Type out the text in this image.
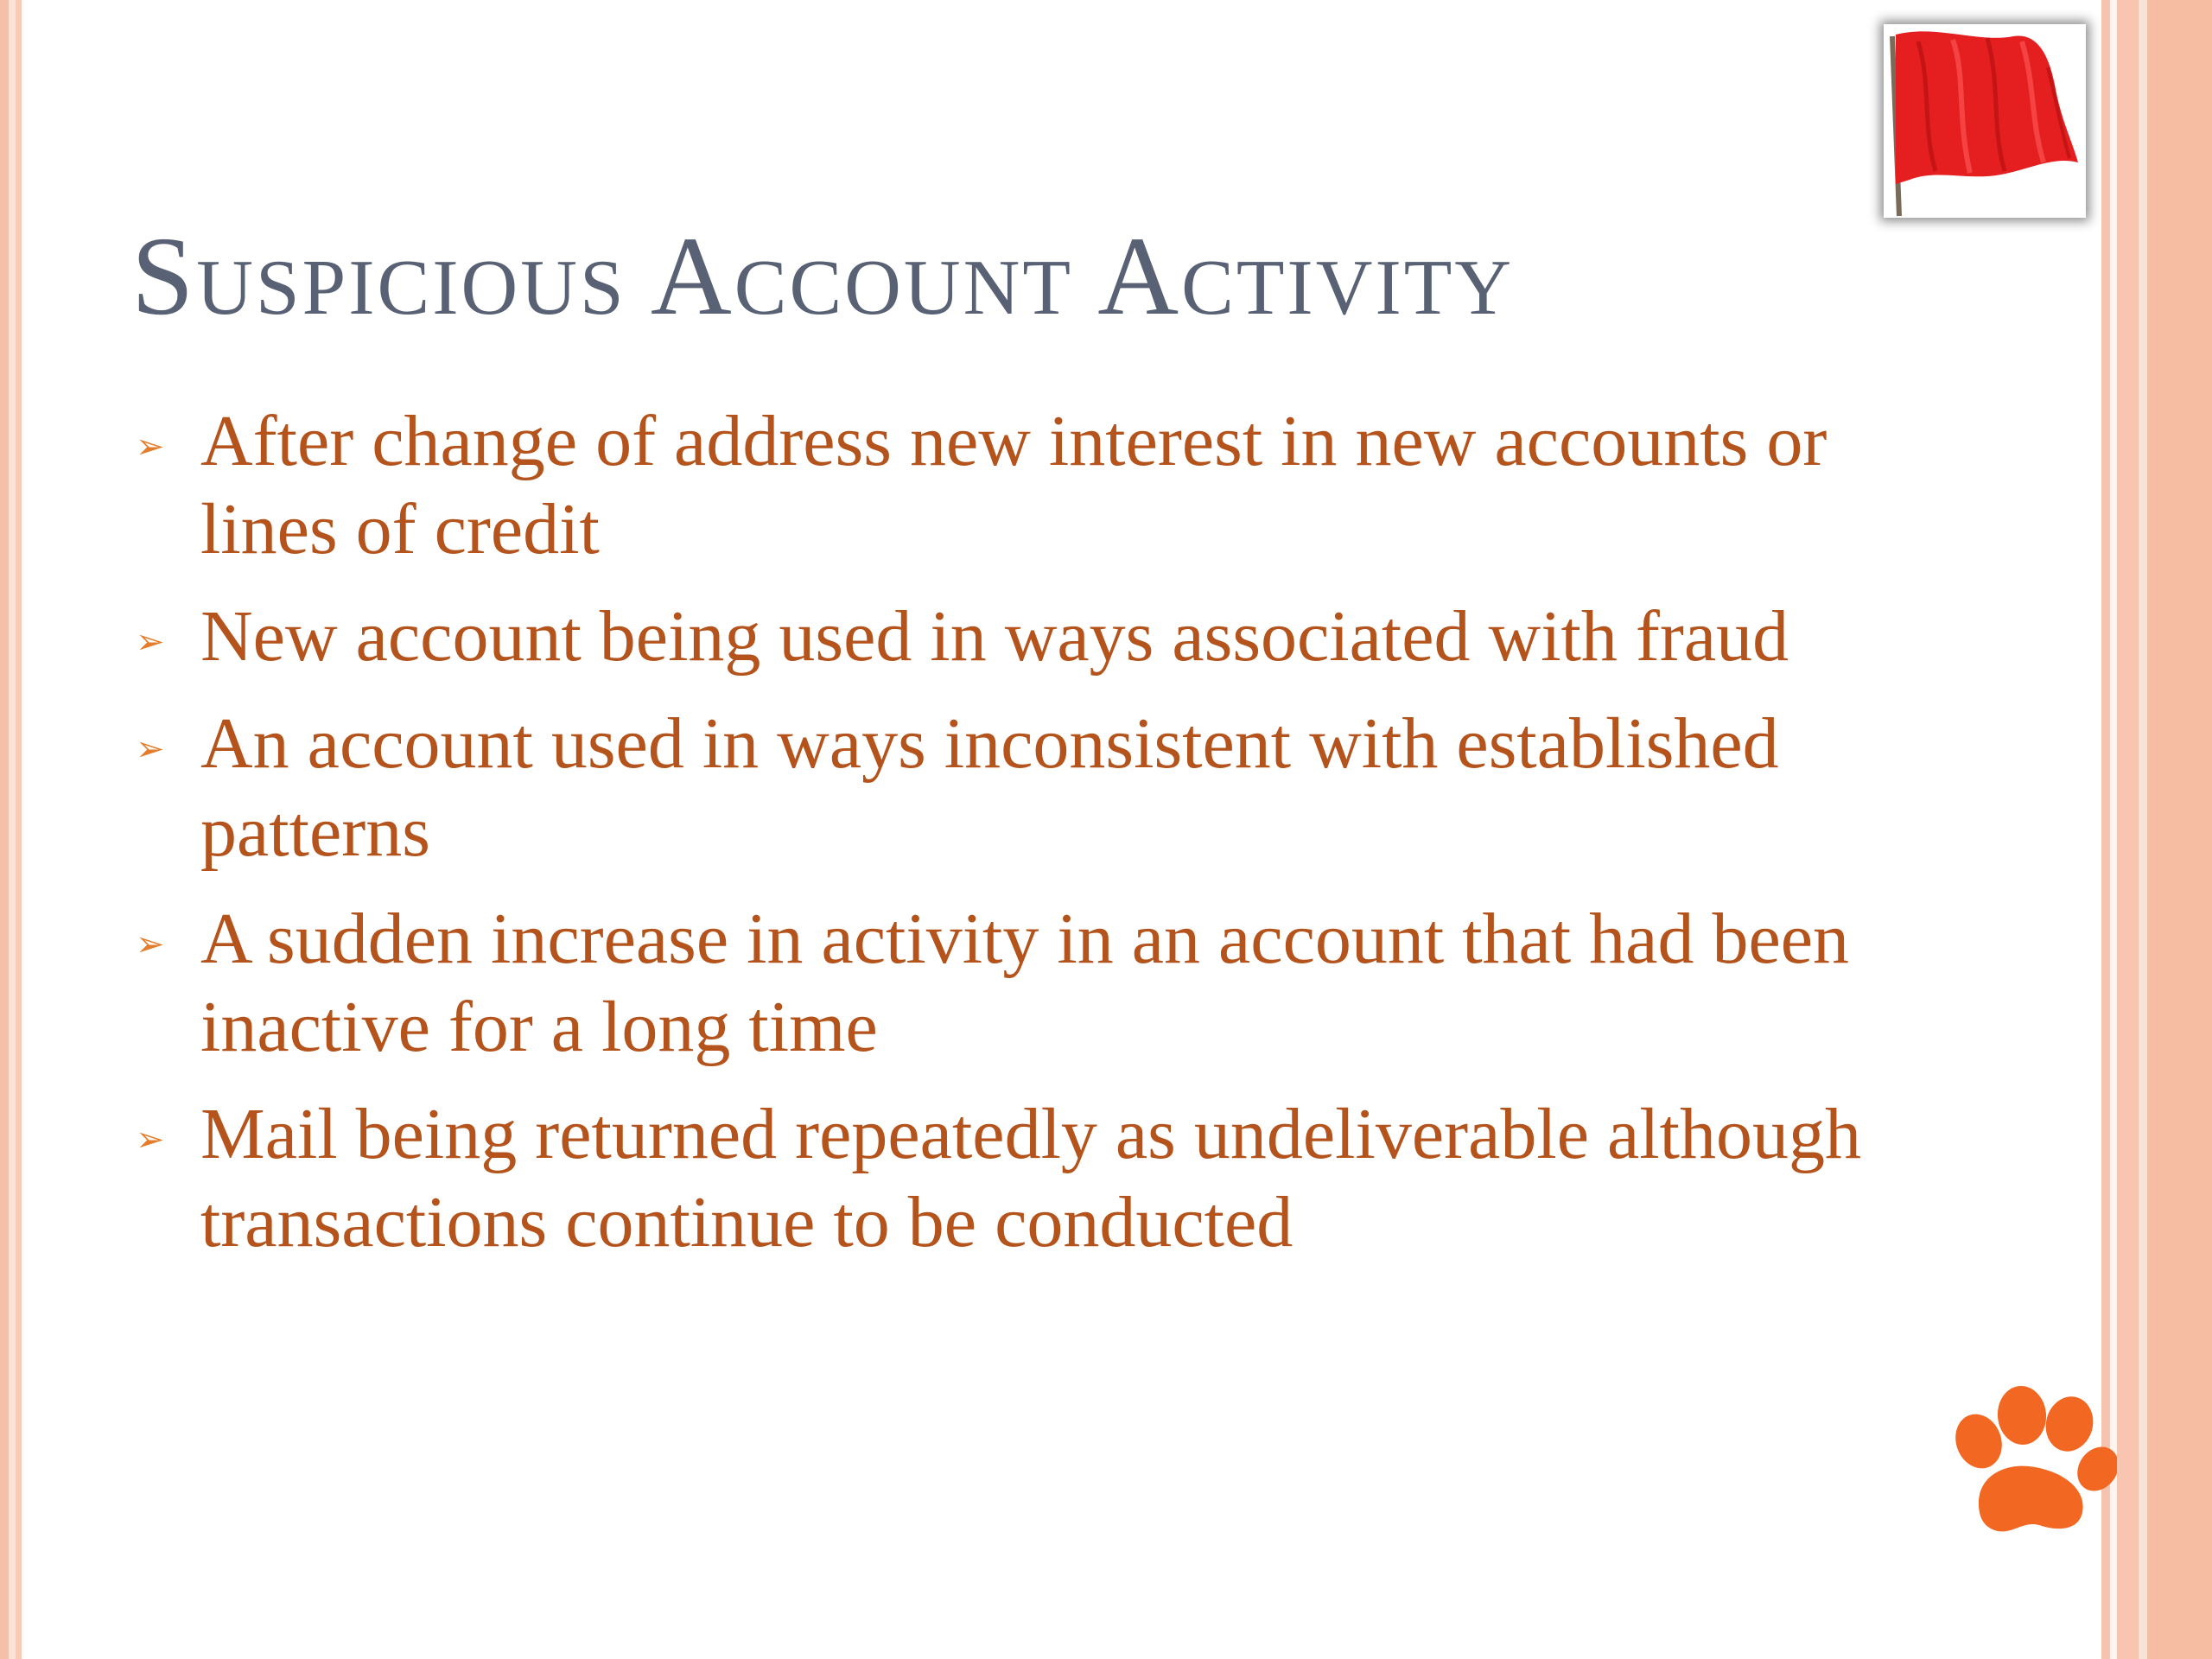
Suspicious Account Activity
➢ After change of address new interest in new accounts or lines of credit
➢ New account being used in ways associated with fraud
➢ An account used in ways inconsistent with established patterns
➢ A sudden increase in activity in an account that had been inactive for a long time
➢ Mail being returned repeatedly as undeliverable although transactions continue to be conducted
